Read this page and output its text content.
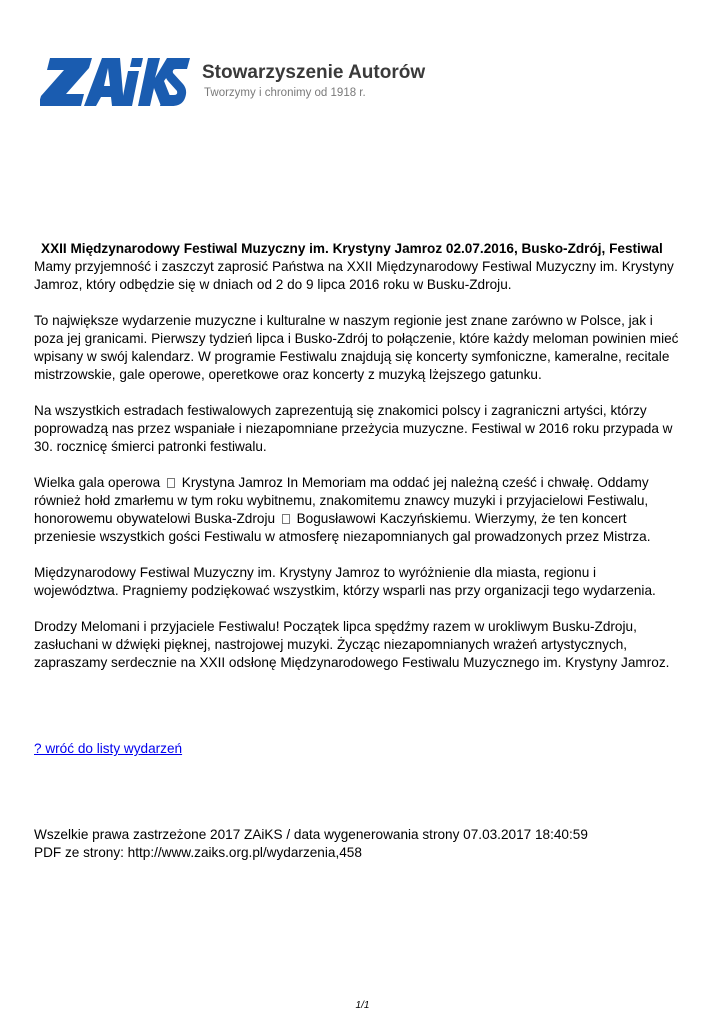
Stowarzyszenie Autorów
Tworzymy i chronimy od 1918 r.
XXII Międzynarodowy Festiwal Muzyczny im. Krystyny Jamroz 02.07.2016, Busko-Zdrój, Festiwal

Mamy przyjemność i zaszczyt zaprosić Państwa na XXII Międzynarodowy Festiwal Muzyczny im. Krystyny Jamroz, który odbędzie się w dniach od 2 do 9 lipca 2016 roku w Busku-Zdroju.

To największe wydarzenie muzyczne i kulturalne w naszym regionie jest znane zarówno w Polsce, jak i poza jej granicami. Pierwszy tydzień lipca i Busko-Zdrój to połączenie, które każdy meloman powinien mieć wpisany w swój kalendarz. W programie Festiwalu znajdują się koncerty symfoniczne, kameralne, recitale mistrzowskie, gale operowe, operetkowe oraz koncerty z muzyką lżejszego gatunku.

Na wszystkich estradach festiwalowych zaprezentują się znakomici polscy i zagraniczni artyści, którzy poprowadzą nas przez wspaniałe i niezapomniane przeżycia muzyczne. Festiwal w 2016 roku przypada w 30. rocznicę śmierci patronki festiwalu.

Wielka gala operowa Krystyna Jamroz In Memoriam ma oddać jej należną cześć i chwałę. Oddamy również hołd zmarłemu w tym roku wybitnemu, znakomitemu znawcy muzyki i przyjacielowi Festiwalu, honorowemu obywatelowi Buska-Zdroju Bogusławowi Kaczyńskiemu. Wierzymy, że ten koncert przeniesie wszystkich gości Festiwalu w atmosferę niezapomnianych gal prowadzonych przez Mistrza.

Międzynarodowy Festiwal Muzyczny im. Krystyny Jamroz to wyróżnienie dla miasta, regionu i województwa. Pragniemy podziękować wszystkim, którzy wsparli nas przy organizacji tego wydarzenia.

Drodzy Melomani i przyjaciele Festiwalu! Początek lipca spędźmy razem w urokliwym Busku-Zdroju, zasłuchani w dźwięki pięknej, nastrojowej muzyki. Życząc niezapomnianych wrażeń artystycznych, zapraszamy serdecznie na XXII odsłonę Międzynarodowego Festiwalu Muzycznego im. Krystyny Jamroz.

? wróć do listy wydarzeń
Wszelkie prawa zastrzeżone 2017 ZAiKS / data wygenerowania strony 07.03.2017 18:40:59
PDF ze strony: http://www.zaiks.org.pl/wydarzenia,458
1/1
